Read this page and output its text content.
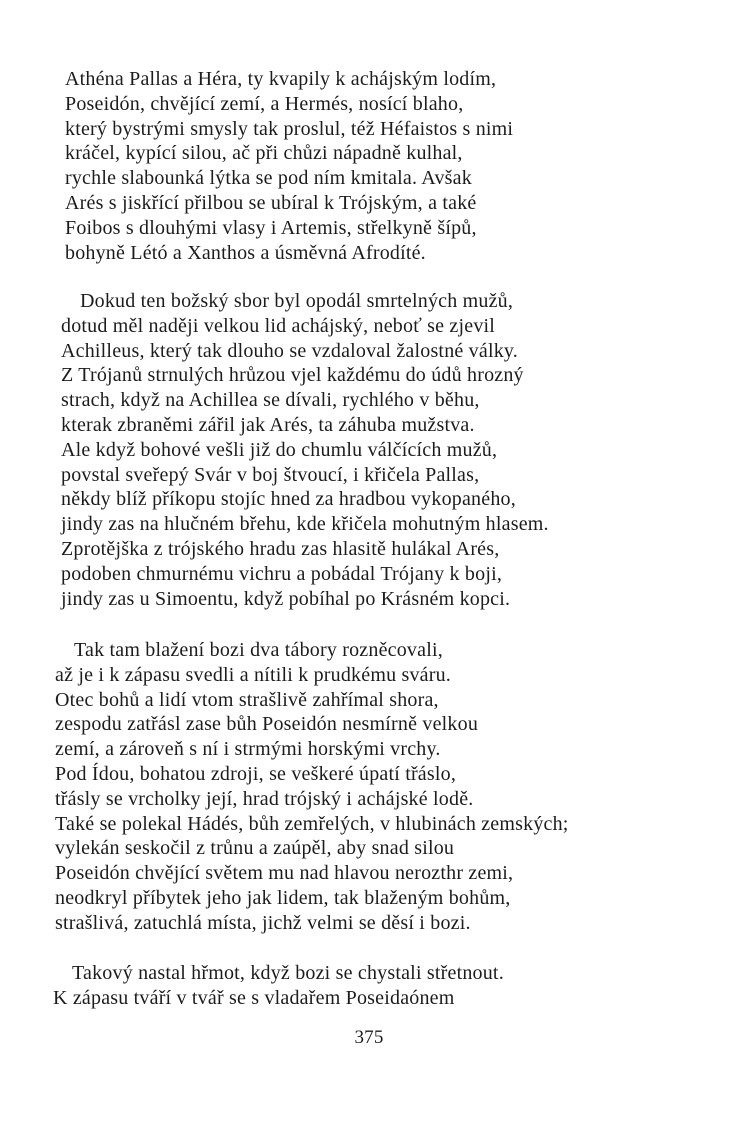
Athéna Pallas a Héra, ty kvapily k achájským lodím,
Poseidón, chvějící zemí, a Hermés, nosící blaho,
který bystrými smysly tak proslul, též Héfaistos s nimi
kráčel, kypící silou, ač při chůzi nápadně kulhal,
rychle slabounká lýtka se pod ním kmitala. Avšak
Arés s jiskřící přilbou se ubíral k Trójským, a také
Foibos s dlouhými vlasy i Artemis, střelkyně šípů,
bohyně Létó a Xanthos a úsměvná Afrodíté.
Dokud ten božský sbor byl opodál smrtelných mužů,
dotud měl naději velkou lid achájský, neboť se zjevil
Achilleus, který tak dlouho se vzdaloval žalostné války.
Z Trójanů strnulých hrůzou vjel každému do údů hrozný
strach, když na Achillea se dívali, rychlého v běhu,
kterak zbraněmi zářil jak Arés, ta záhuba mužstva.
Ale když bohové vešli již do chumlu válčících mužů,
povstal sveřepý Svár v boj štvoucí, i křičela Pallas,
někdy blíž příkopu stojíc hned za hradbou vykopaného,
jindy zas na hlučném břehu, kde křičela mohutným hlasem.
Zprotějška z trójského hradu zas hlasitě hulákal Arés,
podoben chmurnému vichru a pobádal Trójany k boji,
jindy zas u Simoentu, když pobíhal po Krásném kopci.
Tak tam blažení bozi dva tábory rozněcovali,
až je i k zápasu svedli a nítili k prudkému sváru.
Otec bohů a lidí vtom strašlivě zahřímal shora,
zespodu zatřásl zase bůh Poseidón nesmírně velkou
zemí, a zároveň s ní i strmými horskými vrchy.
Pod Ídou, bohatou zdroji, se veškeré úpatí třáslo,
třásly se vrcholky její, hrad trójský i achájské lodě.
Také se polekal Hádés, bůh zemřelých, v hlubinách zemských;
vylekán seskočil z trůnu a zaúpěl, aby snad silou
Poseidón chvějící světem mu nad hlavou nerozthr zemi,
neodkryl příbytek jeho jak lidem, tak blaženým bohům,
strašlivá, zatuchlá místa, jichž velmi se děsí i bozi.
Takový nastal hřmot, když bozi se chystali střetnout.
K zápasu tváří v tvář se s vladařem Poseidaónem
375
